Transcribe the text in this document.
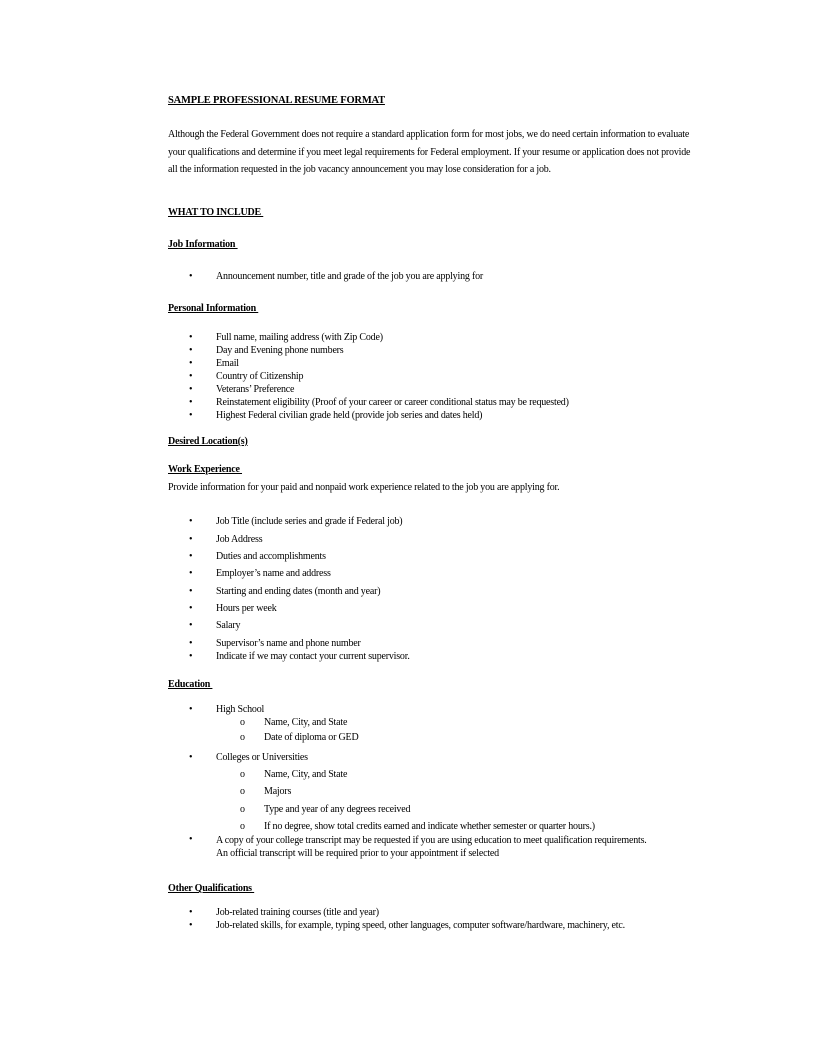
SAMPLE PROFESSIONAL RESUME FORMAT

Although the Federal Government does not require a standard application form for most jobs, we do need certain information to evaluate your qualifications and determine if you meet legal requirements for Federal employment. If your resume or application does not provide all the information requested in the job vacancy announcement you may lose consideration for a job.

WHAT TO INCLUDE

Job Information

• Announcement number, title and grade of the job you are applying for

Personal Information

• Full name, mailing address (with Zip Code)
• Day and Evening phone numbers
• Email
• Country of Citizenship
• Veterans’ Preference
• Reinstatement eligibility (Proof of your career or career conditional status may be requested)
• Highest Federal civilian grade held (provide job series and dates held)

Desired Location(s)

Work Experience

Provide information for your paid and nonpaid work experience related to the job you are applying for.

• Job Title (include series and grade if Federal job)
• Job Address
• Duties and accomplishments
• Employer’s name and address
• Starting and ending dates (month and year)
• Hours per week
• Salary
• Supervisor’s name and phone number
• Indicate if we may contact your current supervisor.

Education

• High School
o Name, City, and State
o Date of diploma or GED
• Colleges or Universities
o Name, City, and State
o Majors
o Type and year of any degrees received
o If no degree, show total credits earned and indicate whether semester or quarter hours.)
• A copy of your college transcript may be requested if you are using education to meet qualification requirements. An official transcript will be required prior to your appointment if selected

Other Qualifications

• Job-related training courses (title and year)
• Job-related skills, for example, typing speed, other languages, computer software/hardware, machinery, etc.
